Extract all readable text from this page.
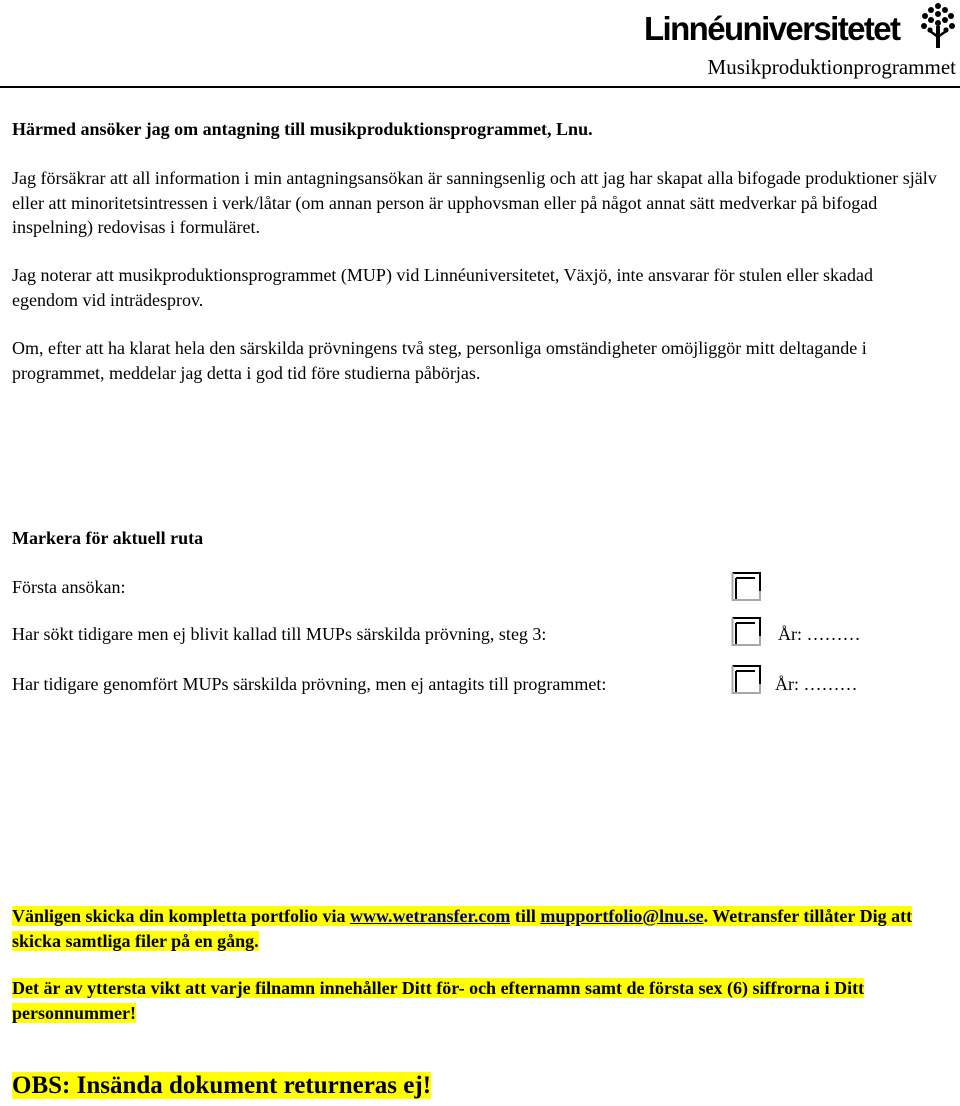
Linnéuniversitetet
Musikproduktionprogrammet

Härmed ansöker jag om antagning till musikproduktionsprogrammet, Lnu.

Jag försäkrar att all information i min antagningsansökan är sanningsenlig och att jag har skapat alla bifogade produktioner själv eller att minoritetsintressen i verk/låtar (om annan person är upphovsman eller på något annat sätt medverkar på bifogad inspelning) redovisas i formuläret.

Jag noterar att musikproduktionsprogrammet (MUP) vid Linnéuniversitetet, Växjö, inte ansvarar för stulen eller skadad egendom vid inträdesprov.

Om, efter att ha klarat hela den särskilda prövningens två steg, personliga omständigheter omöjliggör mitt deltagande i programmet, meddelar jag detta i god tid före studierna påbörjas.

Markera för aktuell ruta

Första ansökan:
Har sökt tidigare men ej blivit kallad till MUPs särskilda prövning, steg 3:	År: ………
Har tidigare genomfört MUPs särskilda prövning, men ej antagits till programmet:	År: ………

Vänligen skicka din kompletta portfolio via www.wetransfer.com till mupportfolio@lnu.se. Wetransfer tillåter Dig att skicka samtliga filer på en gång.

Det är av yttersta vikt att varje filnamn innehåller Ditt för- och efternamn samt de första sex (6) siffrorna i Ditt personnummer!

OBS: Insända dokument returneras ej!
